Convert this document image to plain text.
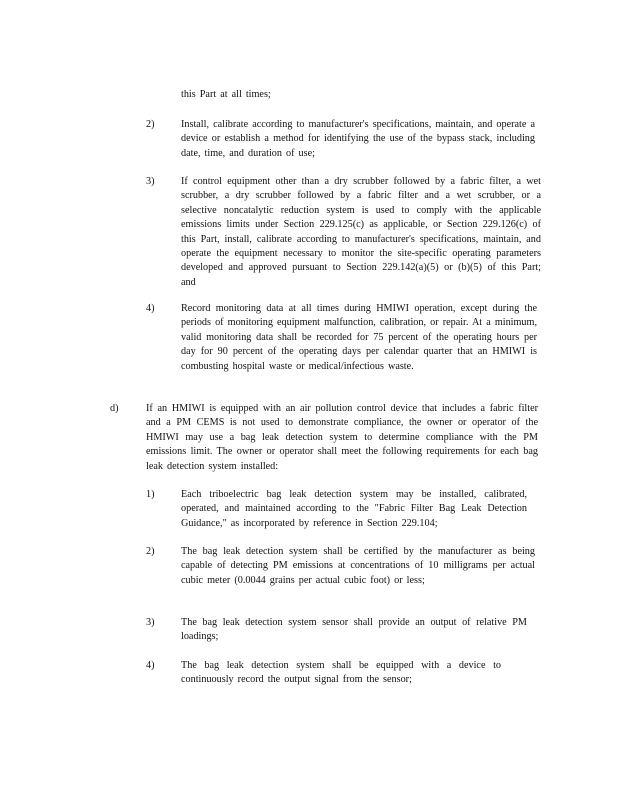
this Part at all times;
2)	Install, calibrate according to manufacturer's specifications, maintain, and operate a device or establish a method for identifying the use of the bypass stack, including date, time, and duration of use;
3)	If control equipment other than a dry scrubber followed by a fabric filter, a wet scrubber, a dry scrubber followed by a fabric filter and a wet scrubber, or a selective noncatalytic reduction system is used to comply with the applicable emissions limits under Section 229.125(c) as applicable, or Section 229.126(c) of this Part, install, calibrate according to manufacturer's specifications, maintain, and operate the equipment necessary to monitor the site-specific operating parameters developed and approved pursuant to Section 229.142(a)(5) or (b)(5) of this Part; and
4)	Record monitoring data at all times during HMIWI operation, except during the periods of monitoring equipment malfunction, calibration, or repair. At a minimum, valid monitoring data shall be recorded for 75 percent of the operating hours per day for 90 percent of the operating days per calendar quarter that an HMIWI is combusting hospital waste or medical/infectious waste.
d)	If an HMIWI is equipped with an air pollution control device that includes a fabric filter and a PM CEMS is not used to demonstrate compliance, the owner or operator of the HMIWI may use a bag leak detection system to determine compliance with the PM emissions limit. The owner or operator shall meet the following requirements for each bag leak detection system installed:
1)	Each triboelectric bag leak detection system may be installed, calibrated, operated, and maintained according to the "Fabric Filter Bag Leak Detection Guidance," as incorporated by reference in Section 229.104;
2)	The bag leak detection system shall be certified by the manufacturer as being capable of detecting PM emissions at concentrations of 10 milligrams per actual cubic meter (0.0044 grains per actual cubic foot) or less;
3)	The bag leak detection system sensor shall provide an output of relative PM loadings;
4)	The bag leak detection system shall be equipped with a device to continuously record the output signal from the sensor;
